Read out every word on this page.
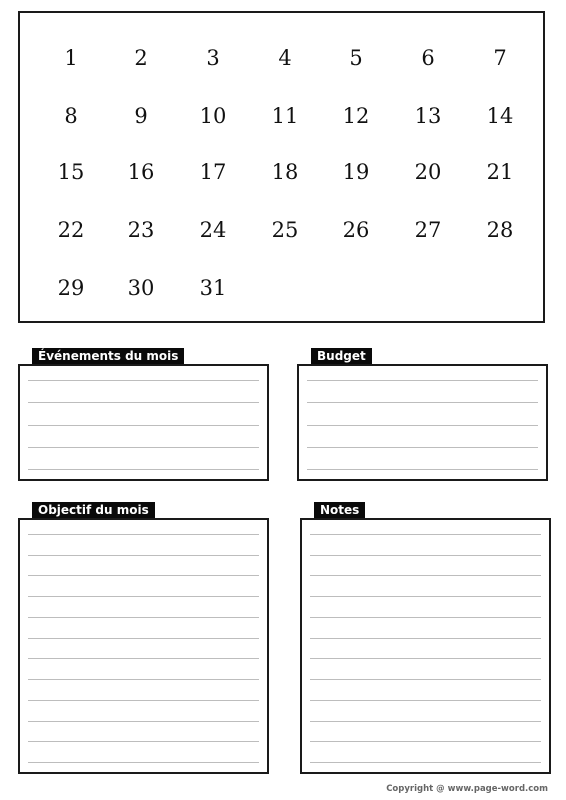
1	2	3	4	5	6	7
8	9	10	11	12	13	14
15	16	17	18	19	20	21
22	23	24	25	26	27	28
29	30	31
Événements du mois	Budget
Objectif du mois	Notes
Copyright @ www.page-word.com
